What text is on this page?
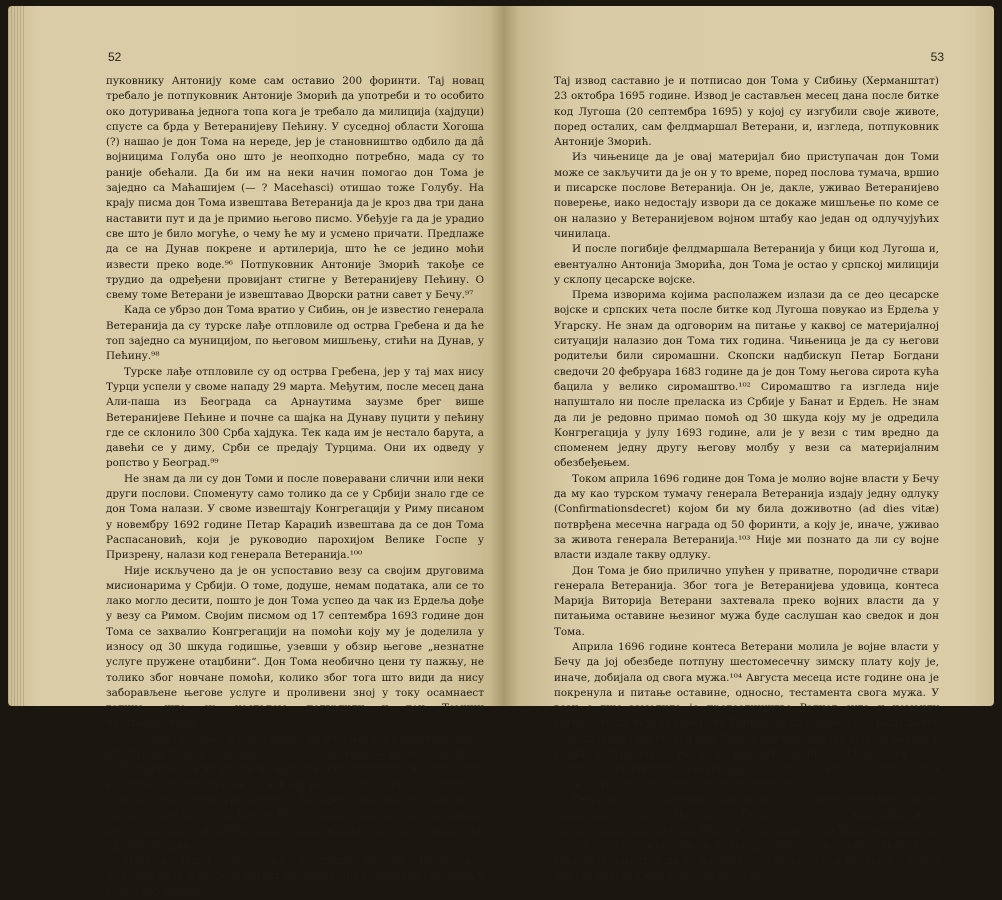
52

пуковнику Антонију коме сам оставио 200 форинти. Тај новац требало је потпуковник Антоније Зморић да употреби и то особито око дотуривања једнога топа кога је требало да милиција (хајдуци) спусте са брда у Ветеранијеву Пећину. У суседној области Хогоша (?) нашао је дон Тома на нереде, јер је становништво одбило да дâ војницима Голуба оно што је неопходно потребно, мада су то раније обећали. Да би им на неки начин помогао дон Тома је заједно са Маћашијем (— ? Macehasci) отишао тоже Голубу. На крају писма дон Тома извештава Ветеранија да је кроз два три дана наставити пут и да је примио његово писмо. Убеђује га да је урадио све што је било могуће, о чему ће му и усмено причати. Предлаже да се на Дунав покрене и артилерија, што ће се једино моћи извести преко воде.⁹⁶ Потпуковник Антоније Зморић такође се трудио да одређени провијант стигне у Ветеранијеву Пећину. О свему томе Ветерани је извештавао Дворски ратни савет у Бечу.⁹⁷

Када се убрзо дон Тома вратио у Сибињ, он је известио генерала Ветеранија да су турске лађе отпловиле од острва Гребена и да ће топ заједно са муницијом, по његовом мишљењу, стићи на Дунав, у Пећину.⁹⁸

Турске лађе отпловиле су од острва Гребена, јер у тај мах нису Турци успели у своме нападу 29 марта. Међутим, после месец дана Али-паша из Београда са Арнаутима заузме брег више Ветеранијеве Пећине и почне са шајка на Дунаву пуцити у пећину где се склонило 300 Срба хајдука. Тек када им је нестало барута, а давећи се у диму, Срби се предају Турцима. Они их одведу у ропство у Београд.⁹⁹

Не знам да ли су дон Томи и после поверавани слични или неки други послови. Споменуту само толико да се у Србији знало где се дон Тома налази. У своме извештају Конгрегацији у Риму писаном у новембру 1692 године Петар Караџић извештава да се дон Тома Распасановић, који је руководио парохијом Велике Госпе у Призрену, налази код генерала Ветеранија.¹⁰⁰

Није искључено да је он успоставио везу са својим друговима мисионарима у Србији. О томе, додуше, немам података, али се то лако могло десити, пошто је дон Тома успео да чак из Ердеља дође у везу са Римом. Својим писмом од 17 септембра 1693 године дон Тома се захвалио Конгрегацији на помоћи коју му је доделила у износу од 30 шкуда годишње, узевши у обзир његове „незнатне услуге пружене отаџбини“. Дон Тома необично цени ту пажњу, не толико због новчане помоћи, колико због тога што види да нису заборављене његове услуге и проливени зној у току осамнаест година, што су, уосталом, потврдили и дон Томини претпостављени.¹⁰¹

За засада не знам да одговорим на питање: На какве то заслуге мисли дон Тома у току осамнаест година (1693 — 18 = 1675), тј. од 1675 године? Да ли мисли на црквене или политичке послове? Јер, као што сам утврдио, он се већ од 1671 године налази у црквеној служби као парох трепчански. Викаром скопске надбискупије могао је постати тек после 1683 године, док његов рад према послодавцима и приступачним документима, могу да пратим тек од 1689 године.

Постоји један извод из преписке између Ветеранија, фелдмаршала Карафе и других командујућих цесарских генерала у току 1695 године.

53

Тај извод саставио је и потписао дон Тома у Сибињу (Херманштат) 23 октобра 1695 године. Извод је састављен месец дана после битке код Лугоша (20 септембра 1695) у којој су изгубили своје животе, поред осталих, сам фелдмаршал Ветерани, и, изгледа, потпуковник Антоније Зморић.

Из чињенице да је овај материјал био приступачан дон Томи може се закључити да је он у то време, поред послова тумача, вршио и писарске послове Ветеранија. Он је, дакле, уживао Ветеранијево поверење, иако недостају извори да се докаже мишљење по коме се он налазио у Ветеранијевом војном штабу као један од одлучујућих чинилаца.

И после погибије фелдмаршала Ветеранија у бици код Лугоша и, евентуално Антонија Зморића, дон Тома је остао у српској милицији у склопу цесарске војске.

Према изворима којима располажем излази да се део цесарске војске и српских чета после битке код Лугоша повукао из Ердеља у Угарску. Не знам да одговорим на питање у каквој се материјалној ситуацији налазио дон Тома тих година. Чињеница је да су његови родитељи били сиромашни. Скопски надбискуп Петар Богдани сведочи 20 фебруара 1683 године да је дон Тому његова сирота кућа бацила у велико сиромаштво.¹⁰² Сиромаштво га изгледа није напуштало ни после преласка из Србије у Банат и Ердељ. Не знам да ли је редовно примао помоћ од 30 шкуда коју му је одредила Конгрегација у јулу 1693 године, али је у вези с тим вредно да споменем једну другу његову молбу у вези са материјалним обезбеђењем.

Током априла 1696 године дон Тома је молио војне власти у Бечу да му као турском тумачу генерала Ветеранија издају једну одлуку (Confirmationsdecret) којом би му била доживотно (ad dies vitæ) потврђена месечна награда од 50 форинти, а коју је, иначе, уживао за живота генерала Ветеранија.¹⁰³ Није ми познато да ли су војне власти издале такву одлуку.

Дон Тома је био прилично упућен у приватне, породичне ствари генерала Ветеранија. Због тога је Ветеранијева удовица, контеса Марија Виторија Ветерани захтевала преко војних власти да у питањима оставине њезиног мужа буде саслушан као сведок и дон Тома.

Априла 1696 године контеса Ветерани молила је војне власти у Бечу да јој обезбеде потпуну шестомесечну зимску плату коју је, иначе, добијала од свога мужа.¹⁰⁴ Августа месеца исте године она је покренула и питање оставине, односно, тестамента свога мужа. У вези с тим замолила је претседништво Ратног суда и команду регименте да нареде генералу Капрарију да позове себи ради даљег саслушања по тој ствари дон Тому и остале сведоке који се налазе у војсци у Угарској.¹⁰⁵ На то је Кирхштетер писао 11 августа 1696 године генералитету у Угарској ради саслушања под заклетвом дон Томе у ствари Ветеранијевог тестамента.¹⁰⁶

Генералитет у Угарској поступио је по томе наређењу, па је генерални аудитор Норбертус Гронер поднео 9 новембра исте године испит и исказ дон Томе. У томе исказу дон Тома је изјавио да се сећа тестамента који је Ветерани оставио иза себе. Исто тако Гронер је известио да ће на угрчане странке бити послани и други искази који се тичу Ветеранијеве куће.¹⁰⁷
